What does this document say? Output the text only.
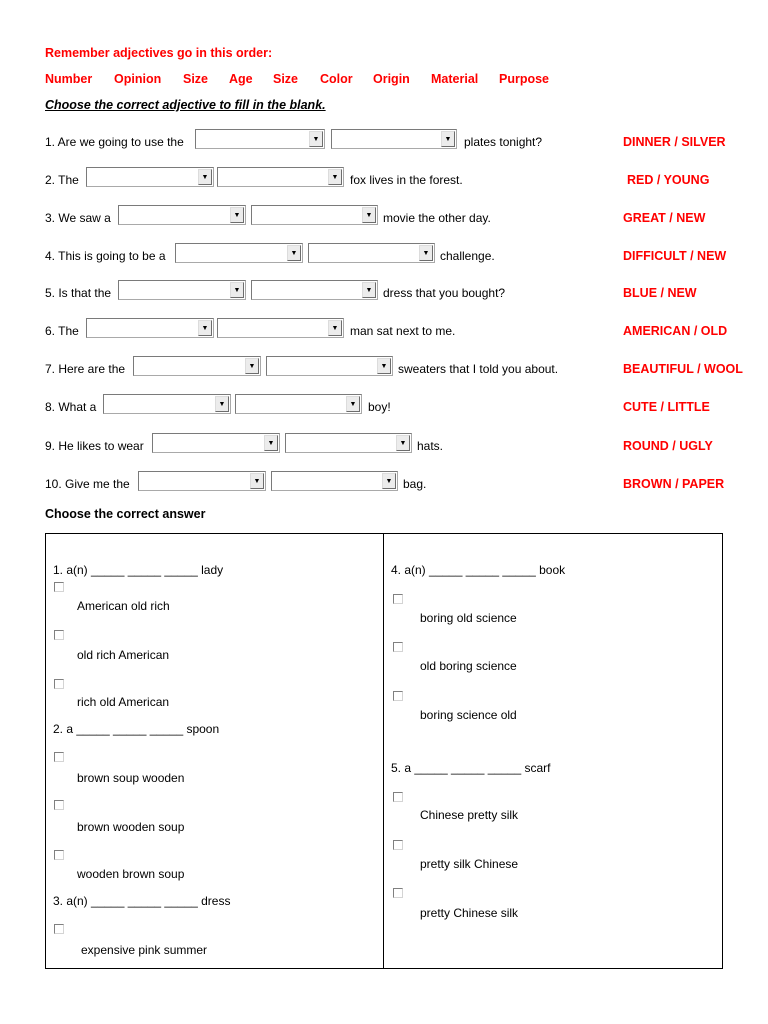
Remember adjectives go in this order:
Number Opinion Size Age Size Color Origin Material Purpose
Choose the correct adjective to fill in the blank.
1. Are we going to use the	▼	▼ plates tonight?	DINNER / SILVER
2. The	▼	▼ fox lives in the forest.	RED / YOUNG
3. We saw a	▼	▼ movie the other day.	GREAT / NEW
4. This is going to be a	▼	▼ challenge.	DIFFICULT / NEW
5. Is that the	▼	▼ dress that you bought?	BLUE / NEW
6. The	▼	▼ man sat next to me.	AMERICAN / OLD
7. Here are the	▼	▼ sweaters that I told you about.	BEAUTIFUL / WOOL
8. What a	▼	▼ boy!	CUTE / LITTLE
9. He likes to wear	▼	▼ hats.	ROUND / UGLY
10. Give me the	▼	▼ bag.	BROWN / PAPER
Choose the correct answer
1. a(n) _____ _____ _____ lady
American old rich
old rich American
rich old American
2. a _____ _____ _____ spoon
brown soup wooden
brown wooden soup
wooden brown soup
3. a(n) _____ _____ _____ dress
expensive pink summer
4. a(n) _____ _____ _____ book
boring old science
old boring science
boring science old
5. a _____ _____ _____ scarf
Chinese pretty silk
pretty silk Chinese
pretty Chinese silk
